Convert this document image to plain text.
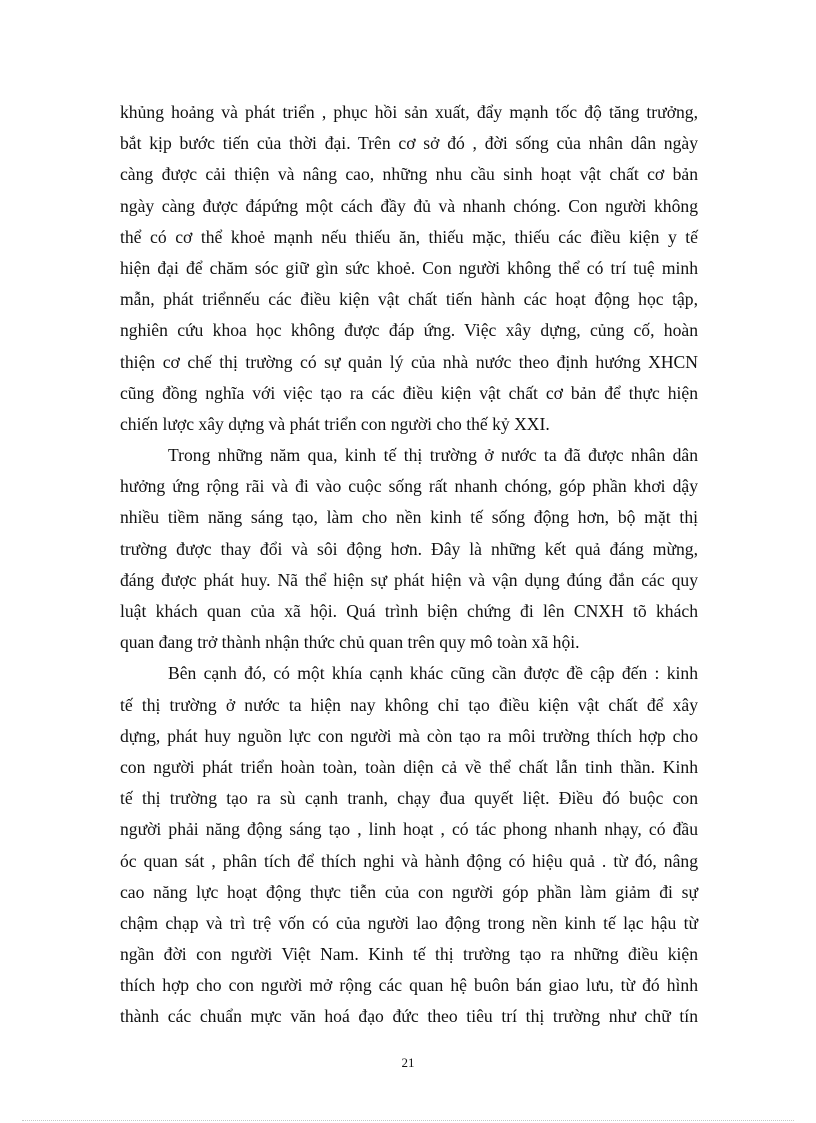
khủng hoảng và phát triển , phục hồi sản xuất, đẩy mạnh tốc độ tăng trưởng,
bắt kịp bước tiến của thời đại. Trên cơ sở đó , đời sống của nhân dân ngày
càng được cải thiện và nâng cao, những nhu cầu sinh hoạt vật chất cơ bản
ngày càng được đápứng một cách đầy đủ và nhanh chóng. Con người không
thể có cơ thể khoẻ mạnh nếu thiếu ăn, thiếu mặc, thiếu các điều kiện y tế
hiện đại để chăm sóc giữ gìn sức khoẻ. Con người không thể có trí tuệ minh
mẫn, phát triểnnếu các điều kiện vật chất tiến hành các hoạt động học tập,
nghiên cứu khoa học không được đáp ứng. Việc xây dựng, củng cố, hoàn
thiện cơ chế thị trường có sự quản lý của nhà nước theo định hướng XHCN
cũng đồng nghĩa với việc tạo ra các điều kiện vật chất cơ bản để thực hiện
chiến lược xây dựng và phát triển con người cho thế kỷ XXI.
Trong những năm qua, kinh tế thị trường ở nước ta đã được nhân dân
hưởng ứng rộng rãi và đi vào cuộc sống rất nhanh chóng, góp phần khơi dậy
nhiều tiềm năng sáng tạo, làm cho nền kinh tế sống động hơn, bộ mặt thị
trường được thay đổi và sôi động hơn. Đây là những kết quả đáng mừng,
đáng được phát huy. Nã thể hiện sự phát hiện và vận dụng đúng đắn các quy
luật khách quan của xã hội. Quá trình biện chứng đi lên CNXH tõ khách
quan đang trở thành nhận thức chủ quan trên quy mô toàn xã hội.
Bên cạnh đó, có một khía cạnh khác cũng cần được đề cập đến : kinh
tế thị trường ở nước ta hiện nay không chỉ tạo điều kiện vật chất để xây
dựng, phát huy nguồn lực con người mà còn tạo ra môi trường thích hợp cho
con người phát triển hoàn toàn, toàn diện cả về thể chất lẫn tinh thần. Kinh
tế thị trường tạo ra sù cạnh tranh, chạy đua quyết liệt. Điều đó buộc con
người phải năng động sáng tạo , linh hoạt , có tác phong nhanh nhạy, có đầu
óc quan sát , phân tích để thích nghi và hành động có hiệu quả . từ đó, nâng
cao năng lực hoạt động thực tiễn của con người góp phần làm giảm đi sự
chậm chạp và trì trệ vốn có của người lao động trong nền kinh tế lạc hậu từ
ngần đời con người Việt Nam. Kinh tế thị trường tạo ra những điều kiện
thích hợp cho con người mở rộng các quan hệ buôn bán giao lưu, từ đó hình
thành các chuẩn mực văn hoá đạo đức theo tiêu trí thị trường như chữ tín
21
